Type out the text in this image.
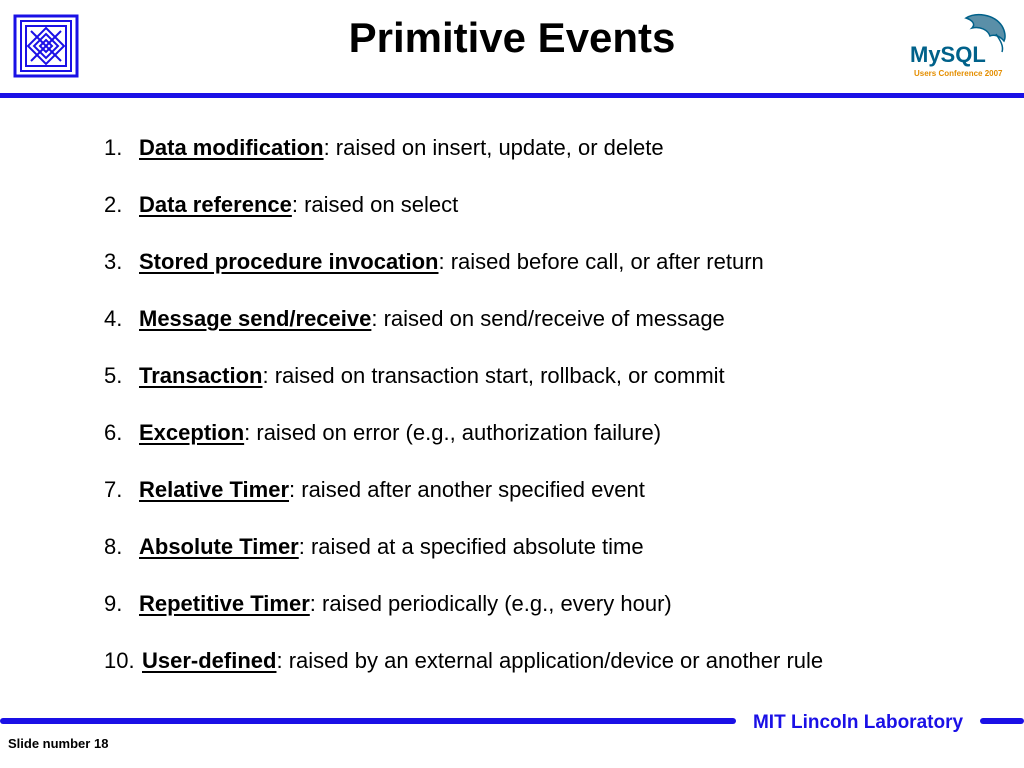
MySQL
Users Conference 2007
Primitive Events
1. Data modification: raised on insert, update, or delete
2. Data reference: raised on select
3. Stored procedure invocation: raised before call, or after return
4. Message send/receive: raised on send/receive of message
5. Transaction: raised on transaction start, rollback, or commit
6. Exception: raised on error (e.g., authorization failure)
7. Relative Timer: raised after another specified event
8. Absolute Timer: raised at a specified absolute time
9. Repetitive Timer: raised periodically (e.g., every hour)
10. User-defined: raised by an external application/device or another rule
MIT Lincoln Laboratory
Slide number 18
